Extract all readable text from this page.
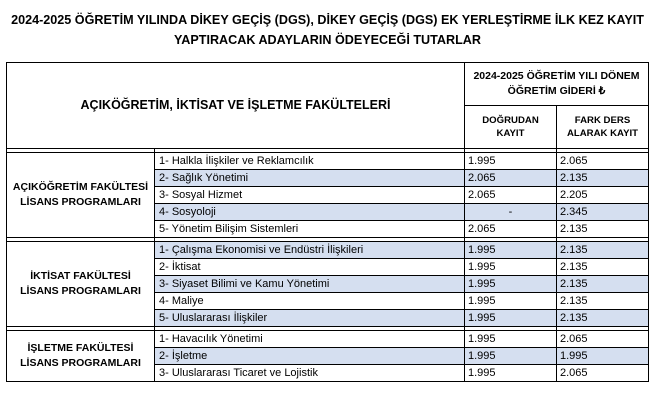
2024-2025 ÖĞRETİM YILINDA DİKEY GEÇİŞ (DGS), DİKEY GEÇİŞ (DGS) EK YERLEŞTİRME İLK KEZ KAYIT
YAPTIRACAK ADAYLARIN ÖDEYECEĞİ TUTARLAR
AÇIKÖĞRETİM, İKTİSAT VE İŞLETME FAKÜLTELERİ		2024-2025 ÖĞRETİM YILI DÖNEM ÖĞRETİM GİDERİ ₺	
		DOĞRUDAN KAYIT	FARK DERS ALARAK KAYIT

AÇIKÖĞRETİM FAKÜLTESİ LİSANS PROGRAMLARI	1- Halkla İlişkiler ve Reklamcılık	1.995	2.065
	2- Sağlık Yönetimi	2.065	2.135
	3- Sosyal Hizmet	2.065	2.205
	4- Sosyoloji	-	2.345
	5- Yönetim Bilişim Sistemleri	2.065	2.135

İKTİSAT FAKÜLTESİ LİSANS PROGRAMLARI	1- Çalışma Ekonomisi ve Endüstri İlişkileri	1.995	2.135
	2- İktisat	1.995	2.135
	3- Siyaset Bilimi ve Kamu Yönetimi	1.995	2.135
	4- Maliye	1.995	2.135
	5- Uluslararası İlişkiler	1.995	2.135

İŞLETME FAKÜLTESİ LİSANS PROGRAMLARI	1- Havacılık Yönetimi	1.995	2.065
	2- İşletme	1.995	1.995
	3- Uluslararası Ticaret ve Lojistik	1.995	2.065
